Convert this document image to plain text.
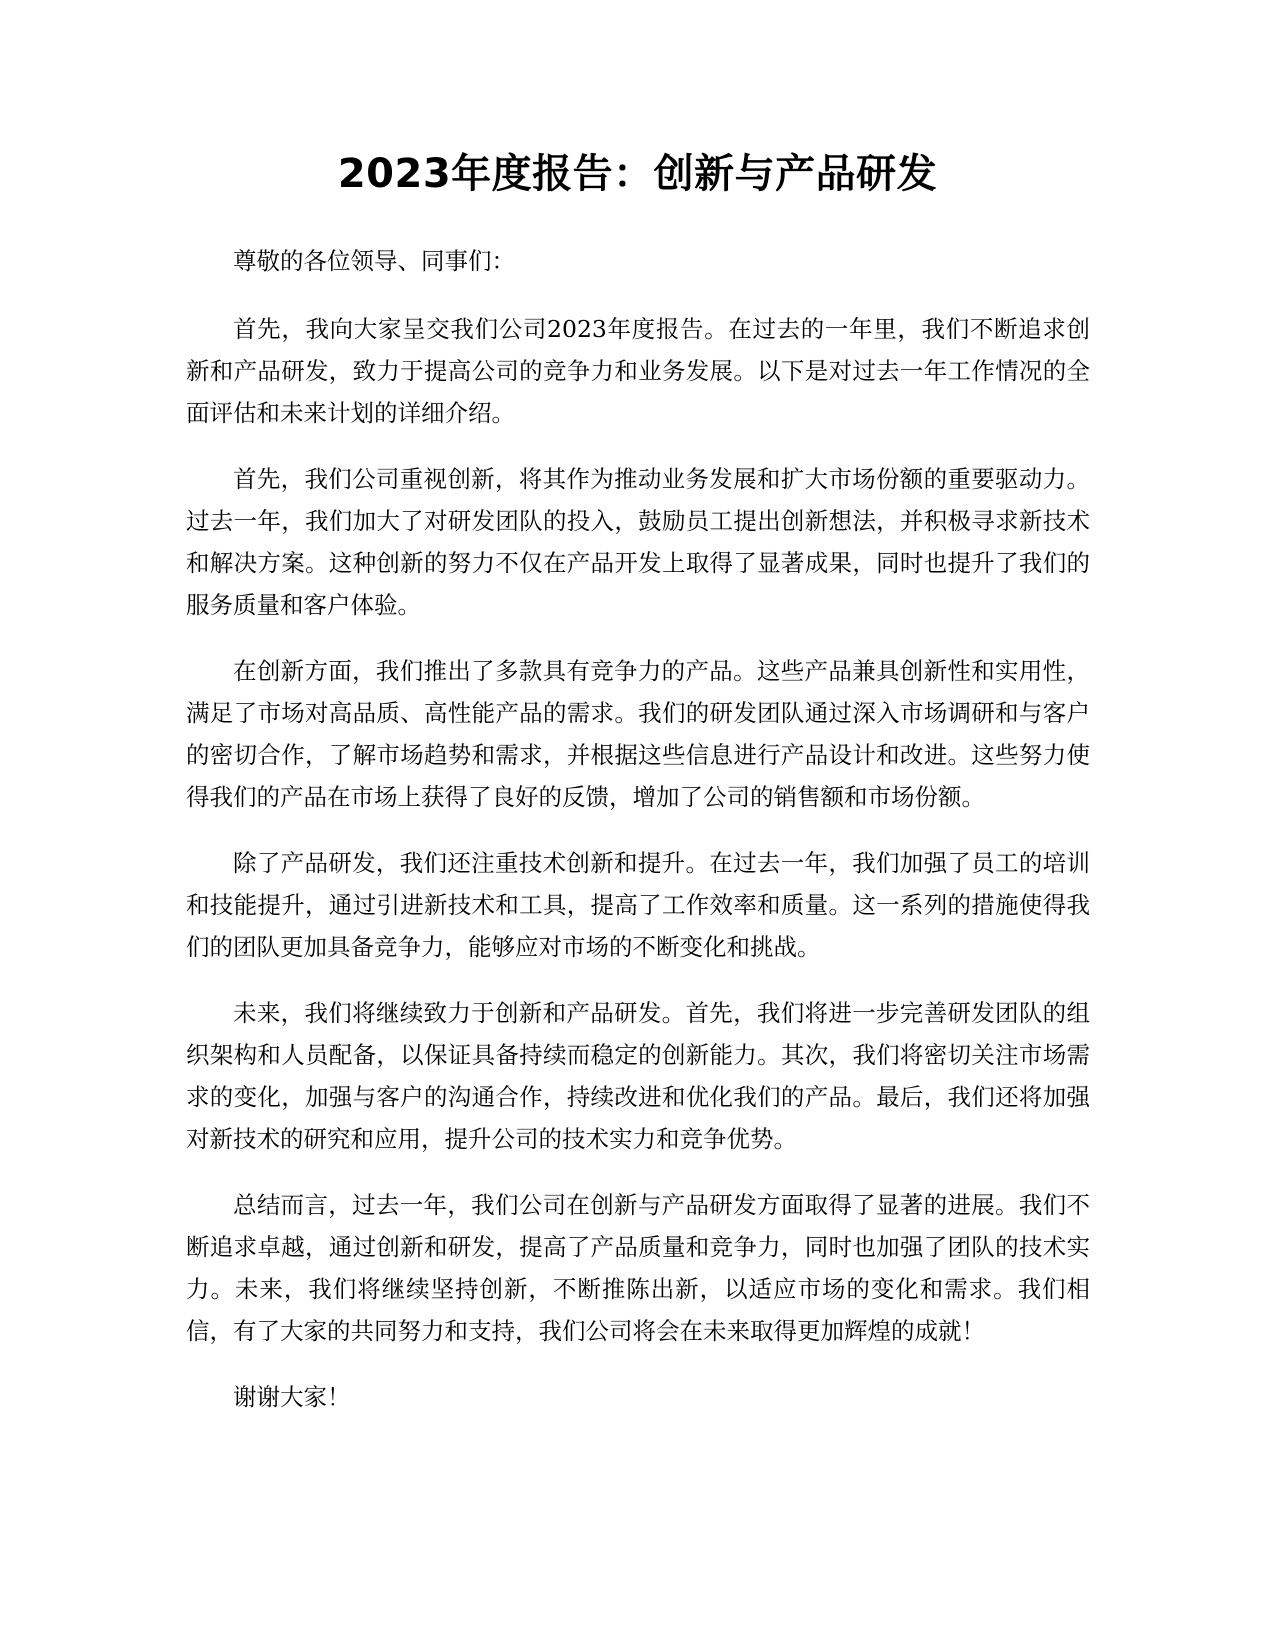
2023年度报告：创新与产品研发

尊敬的各位领导、同事们：

首先，我向大家呈交我们公司2023年度报告。在过去的一年里，我们不断追求创新和产品研发，致力于提高公司的竞争力和业务发展。以下是对过去一年工作情况的全面评估和未来计划的详细介绍。

首先，我们公司重视创新，将其作为推动业务发展和扩大市场份额的重要驱动力。过去一年，我们加大了对研发团队的投入，鼓励员工提出创新想法，并积极寻求新技术和解决方案。这种创新的努力不仅在产品开发上取得了显著成果，同时也提升了我们的服务质量和客户体验。

在创新方面，我们推出了多款具有竞争力的产品。这些产品兼具创新性和实用性，满足了市场对高品质、高性能产品的需求。我们的研发团队通过深入市场调研和与客户的密切合作，了解市场趋势和需求，并根据这些信息进行产品设计和改进。这些努力使得我们的产品在市场上获得了良好的反馈，增加了公司的销售额和市场份额。

除了产品研发，我们还注重技术创新和提升。在过去一年，我们加强了员工的培训和技能提升，通过引进新技术和工具，提高了工作效率和质量。这一系列的措施使得我们的团队更加具备竞争力，能够应对市场的不断变化和挑战。

未来，我们将继续致力于创新和产品研发。首先，我们将进一步完善研发团队的组织架构和人员配备，以保证具备持续而稳定的创新能力。其次，我们将密切关注市场需求的变化，加强与客户的沟通合作，持续改进和优化我们的产品。最后，我们还将加强对新技术的研究和应用，提升公司的技术实力和竞争优势。

总结而言，过去一年，我们公司在创新与产品研发方面取得了显著的进展。我们不断追求卓越，通过创新和研发，提高了产品质量和竞争力，同时也加强了团队的技术实力。未来，我们将继续坚持创新，不断推陈出新，以适应市场的变化和需求。我们相信，有了大家的共同努力和支持，我们公司将会在未来取得更加辉煌的成就！

谢谢大家！
